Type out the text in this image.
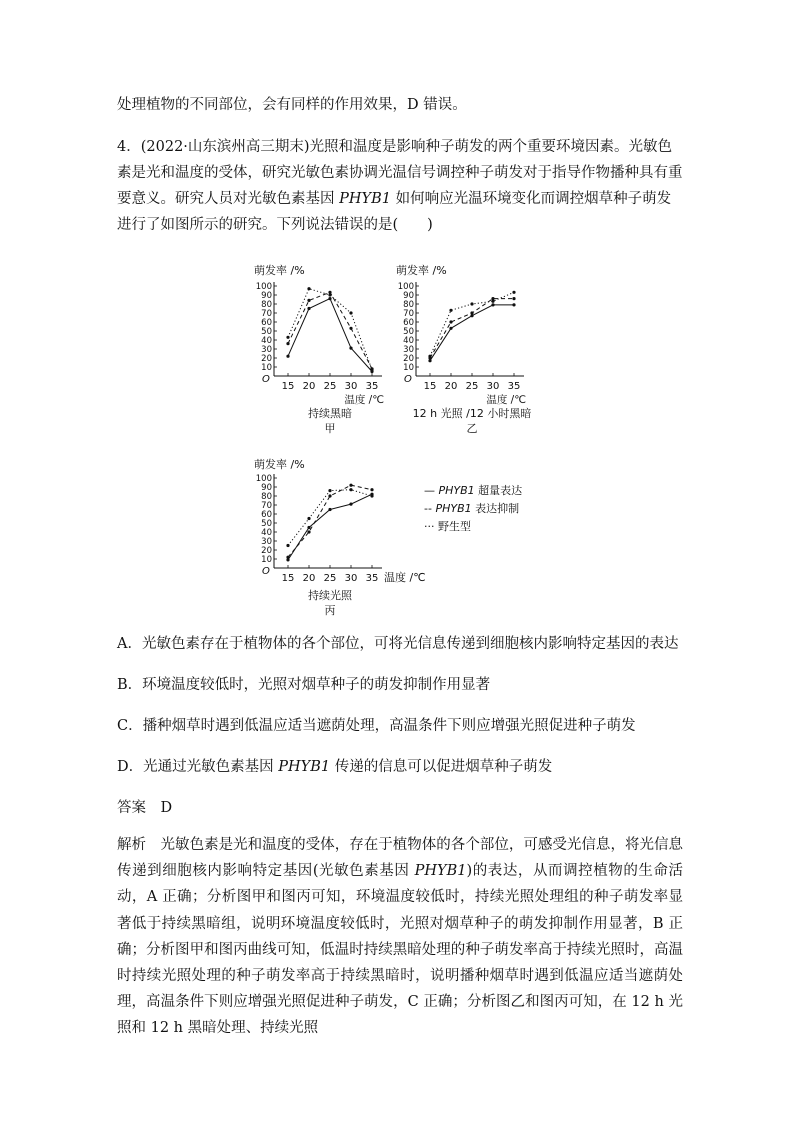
处理植物的不同部位，会有同样的作用效果，D 错误。

4．(2022·山东滨州高三期末)光照和温度是影响种子萌发的两个重要环境因素。光敏色素是光和温度的受体，研究光敏色素协调光温信号调控种子萌发对于指导作物播种具有重要意义。研究人员对光敏色素基因 PHYB1 如何响应光温环境变化而调控烟草种子萌发进行了如图所示的研究。下列说法错误的是(　　)

萌发率 /%
O
10
20
30
40
50
60
70
80
90
100
15 20 25 30 35
温度 /℃
持续黑暗
甲
萌发率 /%
O
10
20
30
40
50
60
70
80
90
100
15 20 25 30 35
温度 /℃
12 h 光照 /12 小时黑暗
乙
萌发率 /%
O
10
20
30
40
50
60
70
80
90
100
15 20 25 30 35 温度 /℃
持续光照
丙
— PHYB1 超量表达
-- PHYB1 表达抑制
··· 野生型

A．光敏色素存在于植物体的各个部位，可将光信息传递到细胞核内影响特定基因的表达

B．环境温度较低时，光照对烟草种子的萌发抑制作用显著

C．播种烟草时遇到低温应适当遮荫处理，高温条件下则应增强光照促进种子萌发

D．光通过光敏色素基因 PHYB1 传递的信息可以促进烟草种子萌发

答案　D

解析　光敏色素是光和温度的受体，存在于植物体的各个部位，可感受光信息，将光信息传递到细胞核内影响特定基因(光敏色素基因 PHYB1)的表达，从而调控植物的生命活动，A 正确；分析图甲和图丙可知，环境温度较低时，持续光照处理组的种子萌发率显著低于持续黑暗组，说明环境温度较低时，光照对烟草种子的萌发抑制作用显著，B 正确；分析图甲和图丙曲线可知，低温时持续黑暗处理的种子萌发率高于持续光照时，高温时持续光照处理的种子萌发率高于持续黑暗时，说明播种烟草时遇到低温应适当遮荫处理，高温条件下则应增强光照促进种子萌发，C 正确；分析图乙和图丙可知，在 12 h 光照和 12 h 黑暗处理、持续光照
